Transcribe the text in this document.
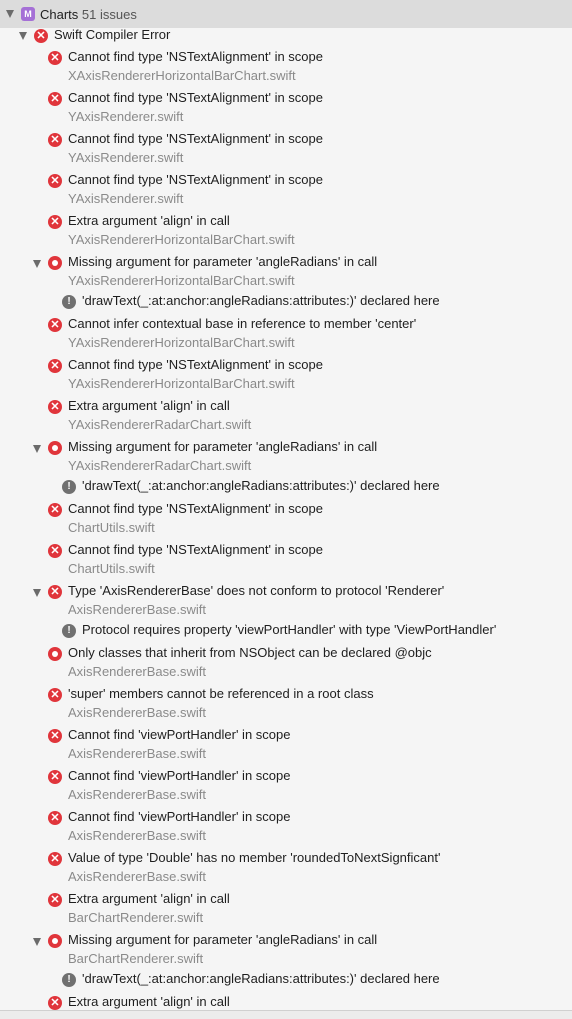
M Charts 51 issues
✕ Swift Compiler Error
✕ Cannot find type 'NSTextAlignment' in scope
XAxisRendererHorizontalBarChart.swift
✕ Cannot find type 'NSTextAlignment' in scope
YAxisRenderer.swift
✕ Cannot find type 'NSTextAlignment' in scope
YAxisRenderer.swift
✕ Cannot find type 'NSTextAlignment' in scope
YAxisRenderer.swift
✕ Extra argument 'align' in call
YAxisRendererHorizontalBarChart.swift
Missing argument for parameter 'angleRadians' in call
YAxisRendererHorizontalBarChart.swift
! 'drawText(_:at:anchor:angleRadians:attributes:)' declared here
✕ Cannot infer contextual base in reference to member 'center'
YAxisRendererHorizontalBarChart.swift
✕ Cannot find type 'NSTextAlignment' in scope
YAxisRendererHorizontalBarChart.swift
✕ Extra argument 'align' in call
YAxisRendererRadarChart.swift
Missing argument for parameter 'angleRadians' in call
YAxisRendererRadarChart.swift
! 'drawText(_:at:anchor:angleRadians:attributes:)' declared here
✕ Cannot find type 'NSTextAlignment' in scope
ChartUtils.swift
✕ Cannot find type 'NSTextAlignment' in scope
ChartUtils.swift
✕ Type 'AxisRendererBase' does not conform to protocol 'Renderer'
AxisRendererBase.swift
! Protocol requires property 'viewPortHandler' with type 'ViewPortHandler'
Only classes that inherit from NSObject can be declared @objc
AxisRendererBase.swift
✕ 'super' members cannot be referenced in a root class
AxisRendererBase.swift
✕ Cannot find 'viewPortHandler' in scope
AxisRendererBase.swift
✕ Cannot find 'viewPortHandler' in scope
AxisRendererBase.swift
✕ Cannot find 'viewPortHandler' in scope
AxisRendererBase.swift
✕ Value of type 'Double' has no member 'roundedToNextSignficant'
AxisRendererBase.swift
✕ Extra argument 'align' in call
BarChartRenderer.swift
Missing argument for parameter 'angleRadians' in call
BarChartRenderer.swift
! 'drawText(_:at:anchor:angleRadians:attributes:)' declared here
✕ Extra argument 'align' in call
